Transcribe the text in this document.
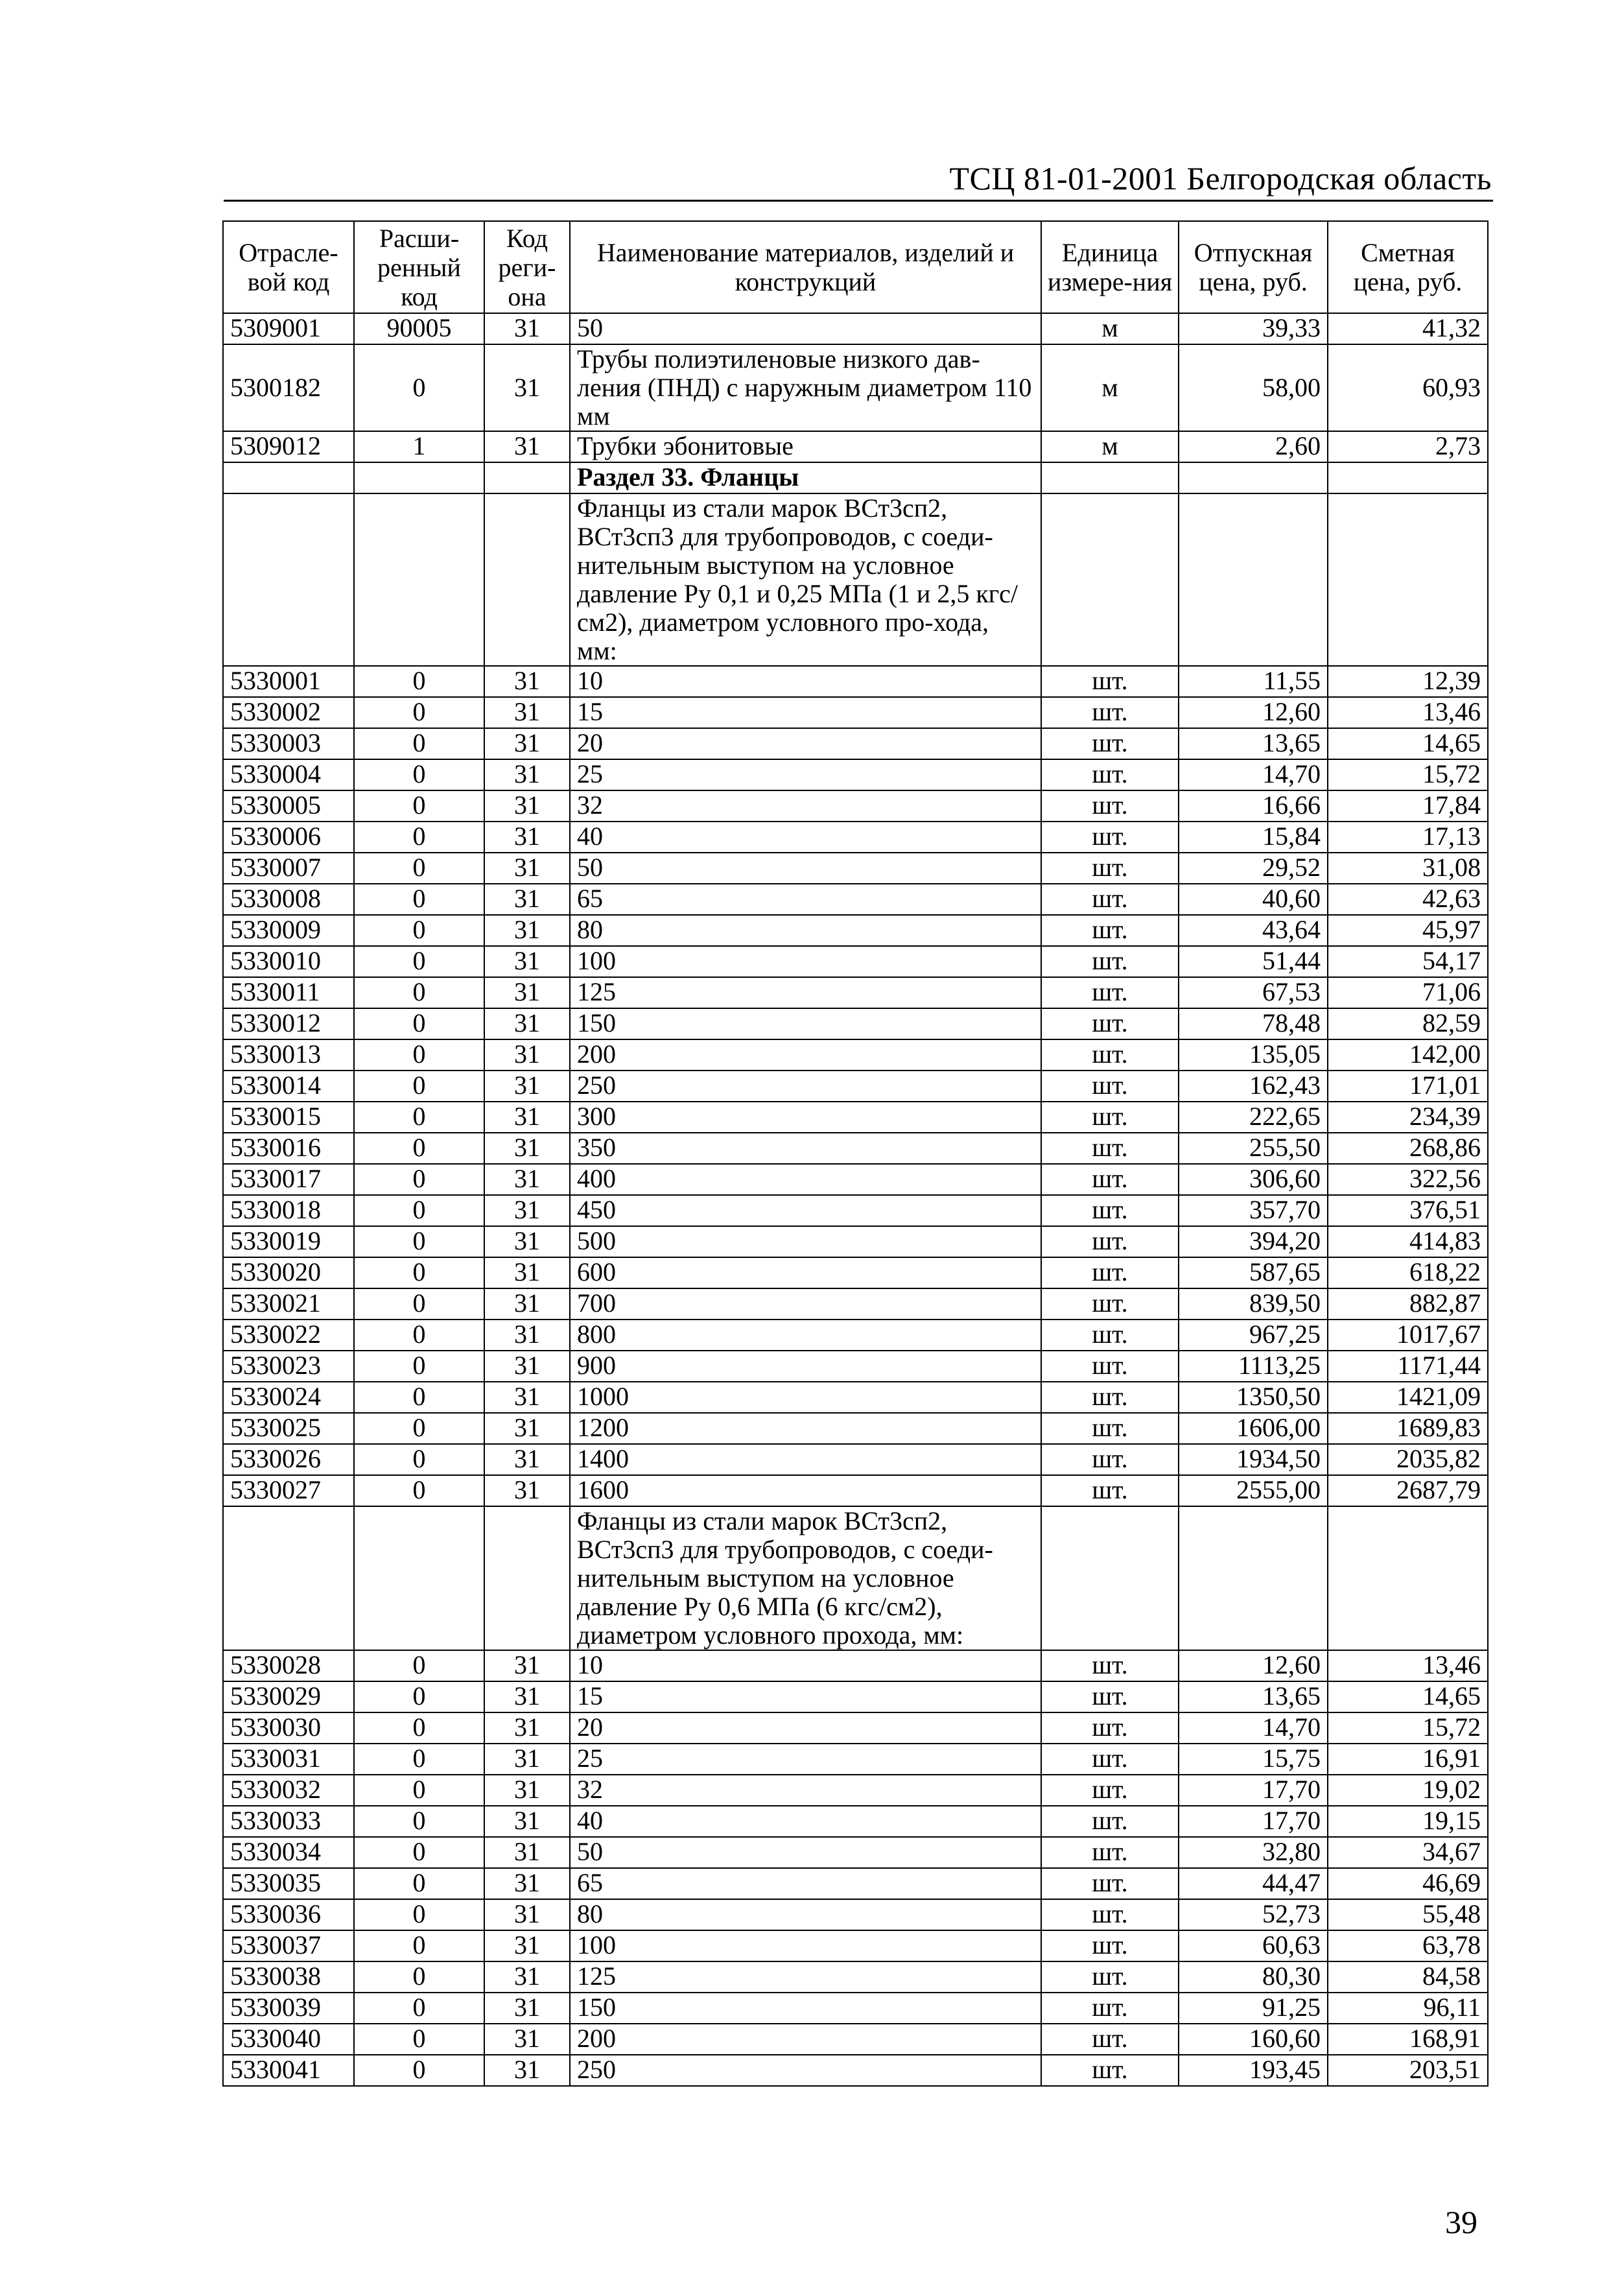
ТСЦ 81-01-2001 Белгородская область
Отрасле-вой код	Расши-ренный код	Код реги-она	Наименование материалов, изделий и конструкций	Единица измере-ния	Отпускная цена, руб.	Сметная цена, руб.
5309001	90005	31	50	м	39,33	41,32
5300182	0	31	Трубы полиэтиленовые низкого дав-ления (ПНД) с наружным диаметром 110 мм	м	58,00	60,93
5309012	1	31	Трубки эбонитовые	м	2,60	2,73
			Раздел 33. Фланцы			
			Фланцы из стали марок ВСт3сп2, ВСт3сп3 для трубопроводов, с соеди-нительным выступом на условное давление Ру 0,1 и 0,25 МПа (1 и 2,5 кгс/см2), диаметром условного про-хода, мм:			
5330001	0	31	10	шт.	11,55	12,39
5330002	0	31	15	шт.	12,60	13,46
5330003	0	31	20	шт.	13,65	14,65
5330004	0	31	25	шт.	14,70	15,72
5330005	0	31	32	шт.	16,66	17,84
5330006	0	31	40	шт.	15,84	17,13
5330007	0	31	50	шт.	29,52	31,08
5330008	0	31	65	шт.	40,60	42,63
5330009	0	31	80	шт.	43,64	45,97
5330010	0	31	100	шт.	51,44	54,17
5330011	0	31	125	шт.	67,53	71,06
5330012	0	31	150	шт.	78,48	82,59
5330013	0	31	200	шт.	135,05	142,00
5330014	0	31	250	шт.	162,43	171,01
5330015	0	31	300	шт.	222,65	234,39
5330016	0	31	350	шт.	255,50	268,86
5330017	0	31	400	шт.	306,60	322,56
5330018	0	31	450	шт.	357,70	376,51
5330019	0	31	500	шт.	394,20	414,83
5330020	0	31	600	шт.	587,65	618,22
5330021	0	31	700	шт.	839,50	882,87
5330022	0	31	800	шт.	967,25	1017,67
5330023	0	31	900	шт.	1113,25	1171,44
5330024	0	31	1000	шт.	1350,50	1421,09
5330025	0	31	1200	шт.	1606,00	1689,83
5330026	0	31	1400	шт.	1934,50	2035,82
5330027	0	31	1600	шт.	2555,00	2687,79
			Фланцы из стали марок ВСт3сп2, ВСт3сп3 для трубопроводов, с соеди-нительным выступом на условное давление Ру 0,6 МПа (6 кгс/см2), диаметром условного прохода, мм:			
5330028	0	31	10	шт.	12,60	13,46
5330029	0	31	15	шт.	13,65	14,65
5330030	0	31	20	шт.	14,70	15,72
5330031	0	31	25	шт.	15,75	16,91
5330032	0	31	32	шт.	17,70	19,02
5330033	0	31	40	шт.	17,70	19,15
5330034	0	31	50	шт.	32,80	34,67
5330035	0	31	65	шт.	44,47	46,69
5330036	0	31	80	шт.	52,73	55,48
5330037	0	31	100	шт.	60,63	63,78
5330038	0	31	125	шт.	80,30	84,58
5330039	0	31	150	шт.	91,25	96,11
5330040	0	31	200	шт.	160,60	168,91
5330041	0	31	250	шт.	193,45	203,51
39
